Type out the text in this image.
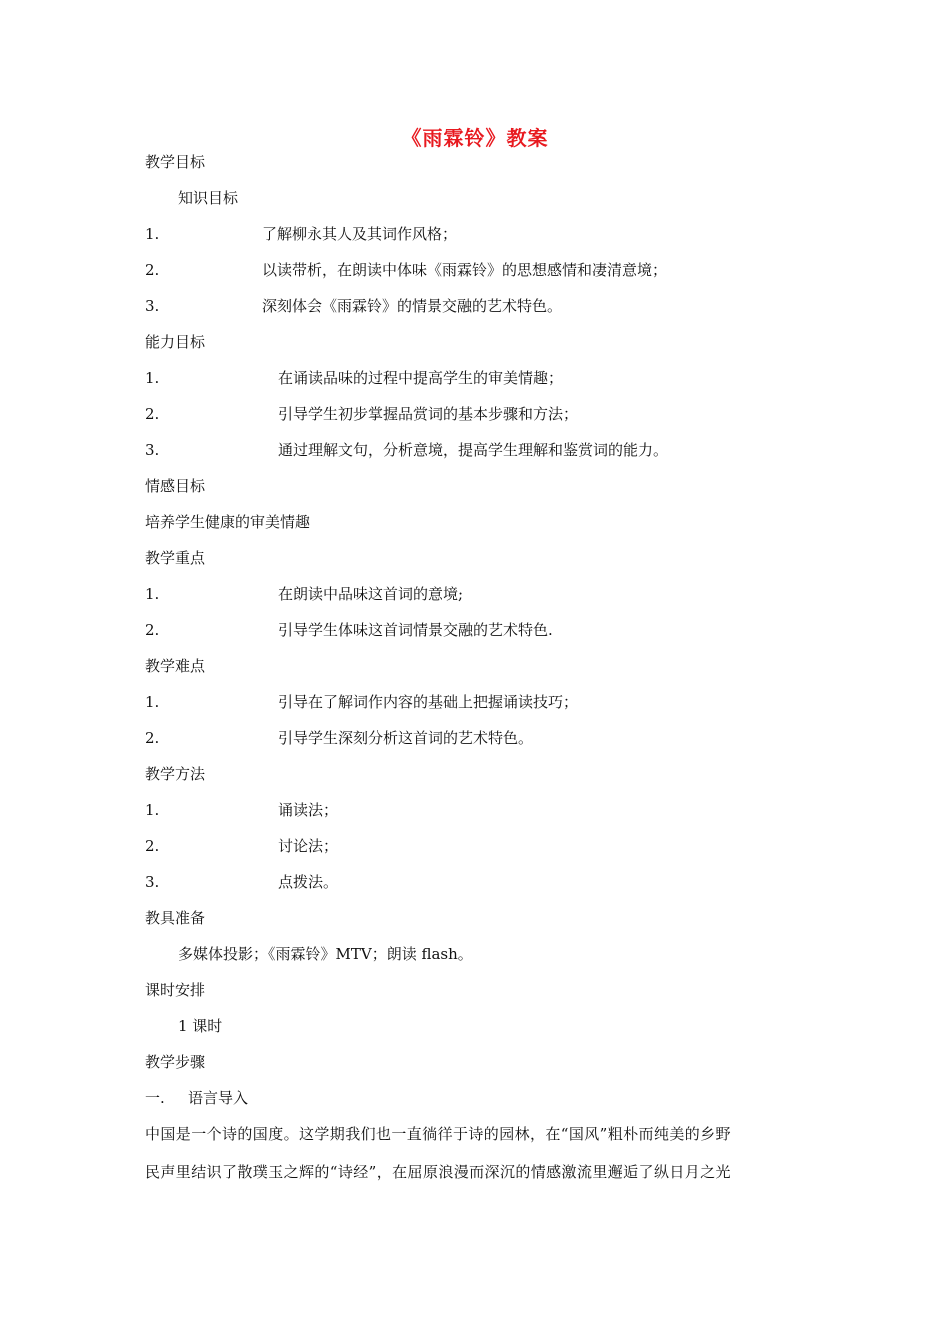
《雨霖铃》教案
教学目标
知识目标
1.	了解柳永其人及其词作风格；
2.	以读带析，在朗读中体味《雨霖铃》的思想感情和凄清意境；
3.	深刻体会《雨霖铃》的情景交融的艺术特色。
能力目标
1.	在诵读品味的过程中提高学生的审美情趣；
2.	引导学生初步掌握品赏词的基本步骤和方法；
3.	通过理解文句，分析意境，提高学生理解和鉴赏词的能力。
情感目标
培养学生健康的审美情趣
教学重点
1.	在朗读中品味这首词的意境;
2.	引导学生体味这首词情景交融的艺术特色.
教学难点
1.	引导在了解词作内容的基础上把握诵读技巧；
2.	引导学生深刻分析这首词的艺术特色。
教学方法
1.	诵读法；
2.	讨论法；
3.	点拨法。
教具准备
多媒体投影；《雨霖铃》MTV；朗读 flash。
课时安排
1 课时
教学步骤
一. 语言导入
中国是一个诗的国度。这学期我们也一直徜徉于诗的园林，在“国风”粗朴而纯美的乡野
民声里结识了散璞玉之辉的“诗经”，在屈原浪漫而深沉的情感激流里邂逅了纵日月之光
